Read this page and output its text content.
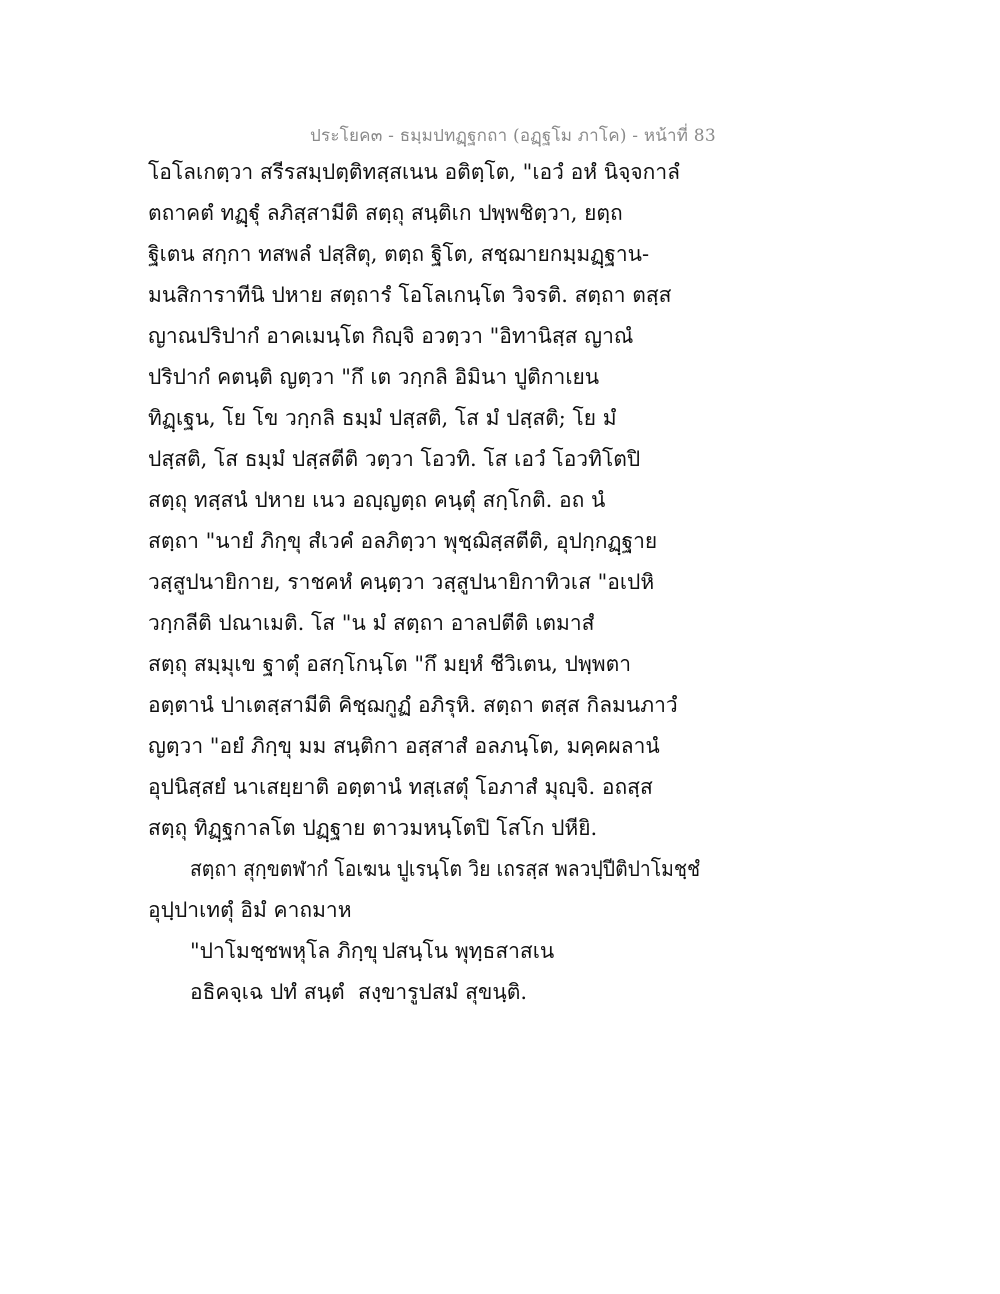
ประโยค๓ - ธมฺมปทฏฺฐกถา (อฏฺฐโม ภาโค) - หน้าที่ 83
โอโลเกตฺวา สรีรสมฺปตฺติทสฺสเนน อติตฺโต, "เอวํ อหํ นิจฺจกาลํ
ตถาคตํ ทฏฺฐุํ ลภิสฺสามีติ สตฺถุ สนฺติเก ปพฺพชิตฺวา, ยตฺถ
ฐิเตน สกฺกา ทสพลํ ปสฺสิตุ, ตตฺถ ฐิโต, สชฺฌายกมฺมฏฺฐาน-
มนสิการาทีนิ ปหาย สตฺถารํ โอโลเกนฺโต วิจรติ. สตฺถา ตสฺส
ญาณปริปากํ อาคเมนฺโต กิญฺจิ อวตฺวา "อิทานิสฺส ญาณํ
ปริปากํ คตนฺติ ญตฺวา "กึ เต วกฺกลิ อิมินา ปูติกาเยน
ทิฏฺเฐน, โย โข วกฺกลิ ธมฺมํ ปสฺสติ, โส มํ ปสฺสติ; โย มํ
ปสฺสติ, โส ธมฺมํ ปสฺสตีติ วตฺวา โอวทิ. โส เอวํ โอวทิโตปิ
สตฺถุ ทสฺสนํ ปหาย เนว อญฺญตฺถ คนฺตุํ สกฺโกติ. อถ นํ
สตฺถา "นายํ ภิกฺขุ สํเวคํ อลภิตฺวา พุชฺฌิสฺสตีติ, อุปกฺกฏฺฐาย
วสฺสูปนายิกาย, ราชคหํ คนฺตฺวา วสฺสูปนายิกาทิวเส "อเปหิ
วกฺกลีติ ปณาเมติ. โส "น มํ สตฺถา อาลปตีติ เตมาสํ
สตฺถุ สมฺมุเข ฐาตุํ อสกฺโกนฺโต "กึ มยฺหํ ชีวิเตน, ปพฺพตา
อตฺตานํ ปาเตสฺสามีติ คิชฺฌกูฏํ อภิรุหิ. สตฺถา ตสฺส กิลมนภาวํ
ญตฺวา "อยํ ภิกฺขุ มม สนฺติกา อสฺสาสํ อลภนฺโต, มคฺคผลานํ
อุปนิสฺสยํ นาเสยฺยาติ อตฺตานํ ทสฺเสตุํ โอภาสํ มุญฺจิ. อถสฺส
สตฺถุ ทิฏฺฐกาลโต ปฏฺฐาย ตาวมหนฺโตปิ โสโก ปหียิ.
สตฺถา สุกฺขตฬากํ โอเฆน ปูเรนฺโต วิย เถรสฺส พลวปฺปีติปาโมชฺชํ
อุปฺปาเทตุํ อิมํ คาถมาห
"ปาโมชฺชพหุโล ภิกฺขุ ปสนฺโน พุทฺธสาสเน
อธิคจฺเฉ ปทํ สนฺตํ สงฺขารูปสมํ สุขนฺติ.
